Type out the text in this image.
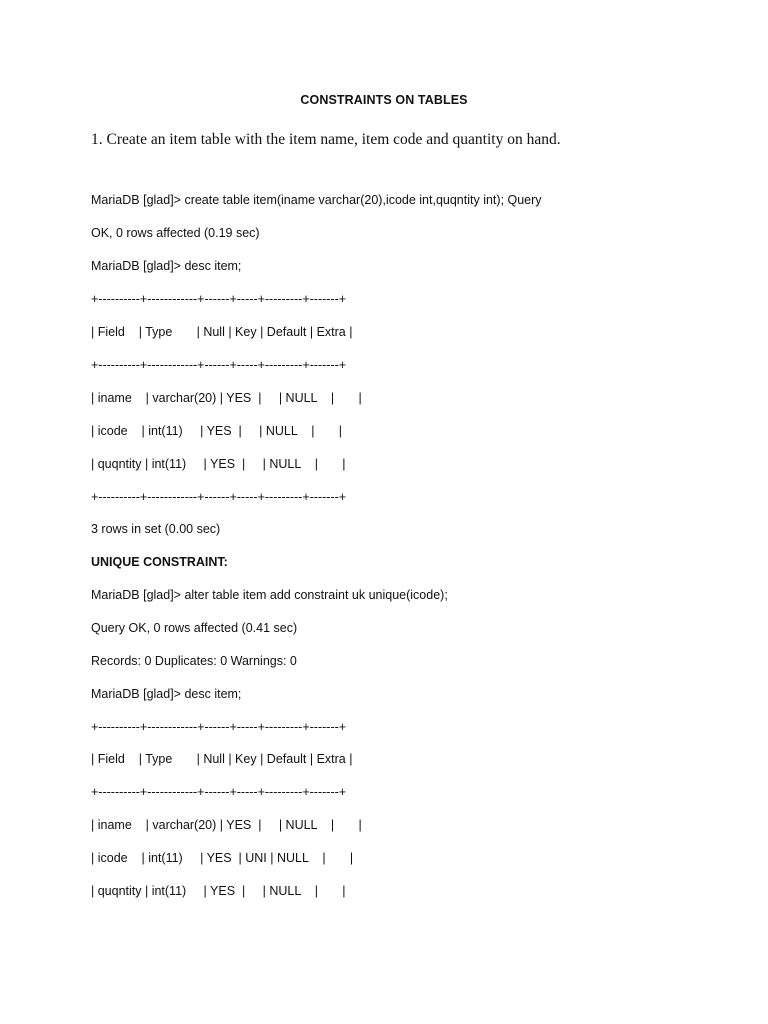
CONSTRAINTS ON TABLES
1. Create an item table with the item name, item code and quantity on hand.
MariaDB [glad]> create table item(iname varchar(20),icode int,quqntity int); Query
OK, 0 rows affected (0.19 sec)
MariaDB [glad]> desc item;
+----------+------------+------+-----+---------+-------+
| Field    | Type       | Null | Key | Default | Extra |
+----------+------------+------+-----+---------+-------+
| iname    | varchar(20) | YES  |     | NULL    |       |
| icode    | int(11)     | YES  |     | NULL    |       |
| quqntity | int(11)     | YES  |     | NULL    |       |
+----------+------------+------+-----+---------+-------+
3 rows in set (0.00 sec)
UNIQUE CONSTRAINT:
MariaDB [glad]> alter table item add constraint uk unique(icode);
Query OK, 0 rows affected (0.41 sec)
Records: 0 Duplicates: 0 Warnings: 0
MariaDB [glad]> desc item;
+----------+------------+------+-----+---------+-------+
| Field    | Type       | Null | Key | Default | Extra |
+----------+------------+------+-----+---------+-------+
| iname    | varchar(20) | YES  |     | NULL    |       |
| icode    | int(11)     | YES  | UNI | NULL    |       |
| quqntity | int(11)     | YES  |     | NULL    |       |
